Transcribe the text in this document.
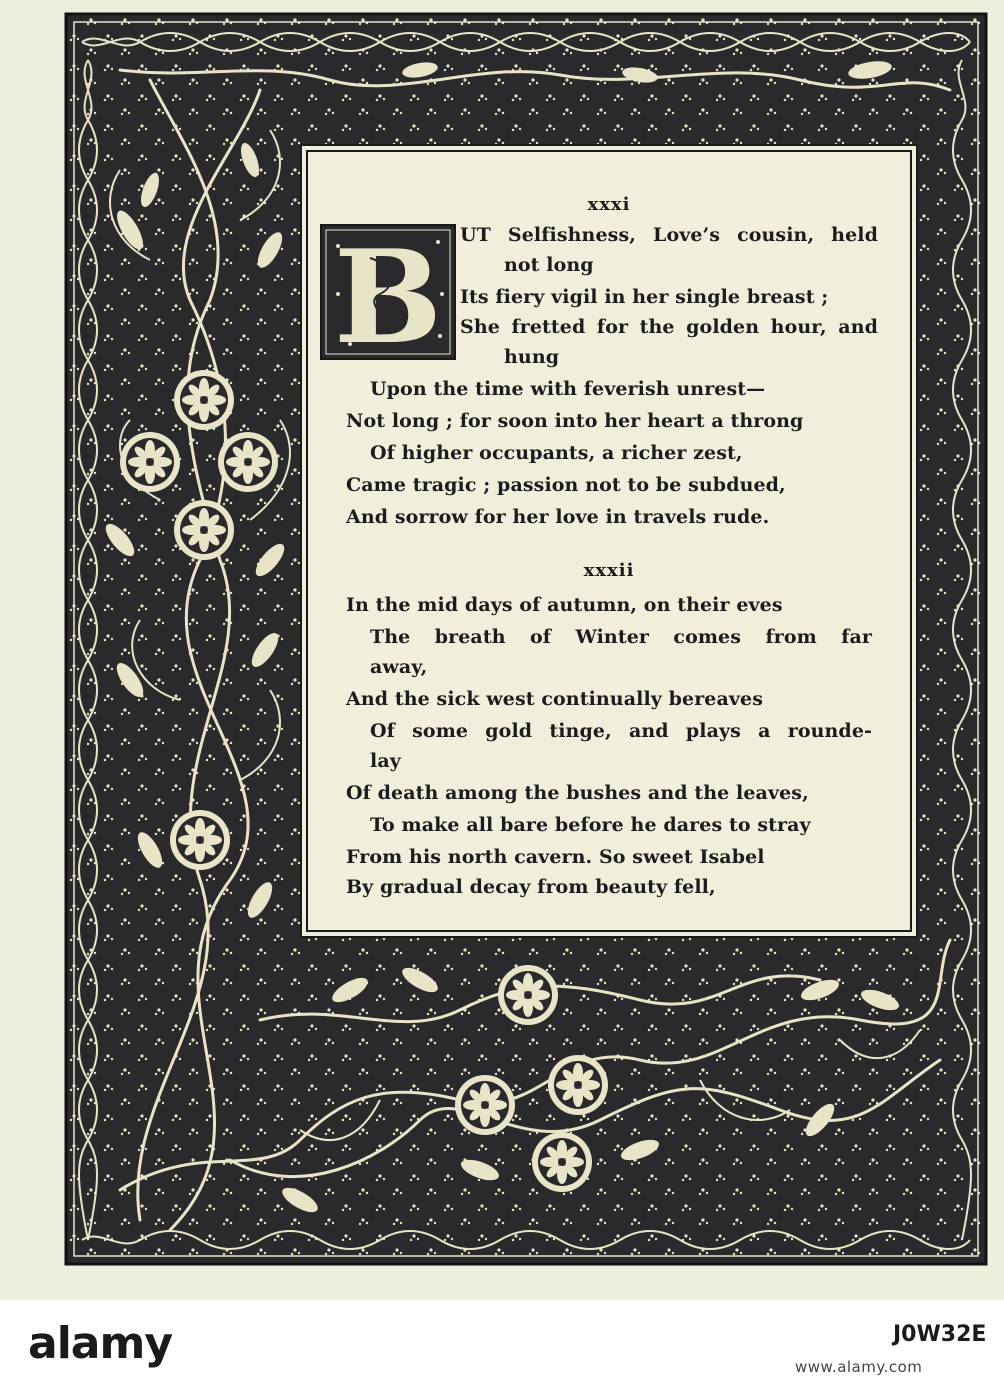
xxxi
B UT Selfishness, Love’s cousin, held
not long
Its fiery vigil in her single breast ;
She fretted for the golden hour, and
hung
Upon the time with feverish unrest—
Not long ; for soon into her heart a throng
Of higher occupants, a richer zest,
Came tragic ; passion not to be subdued,
And sorrow for her love in travels rude.
xxxii
In the mid days of autumn, on their eves
The breath of Winter comes from far
away,
And the sick west continually bereaves
Of some gold tinge, and plays a rounde-
lay
Of death among the bushes and the leaves,
To make all bare before he dares to stray
From his north cavern. So sweet Isabel
By gradual decay from beauty fell,
alamy	J0W32E
www.alamy.com
